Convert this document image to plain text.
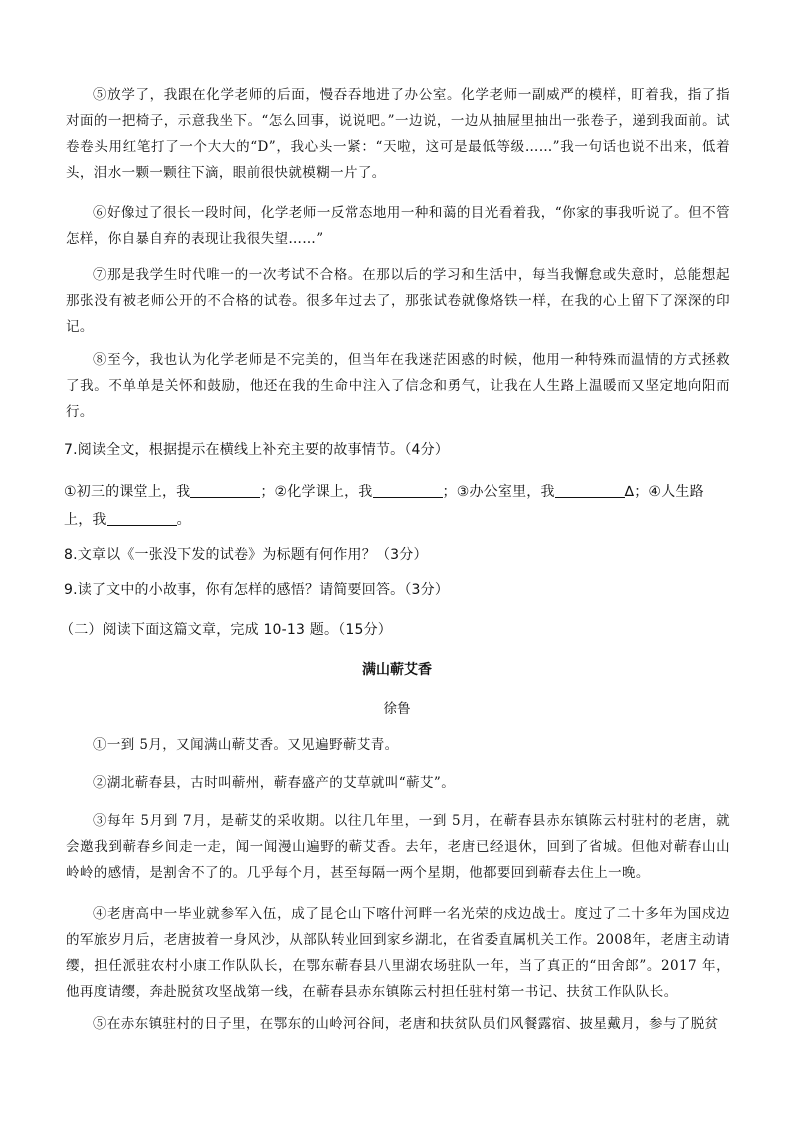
⑤放学了，我跟在化学老师的后面，慢吞吞地进了办公室。化学老师一副威严的模样，盯着我，指了指对面的一把椅子，示意我坐下。“怎么回事，说说吧。”一边说，一边从抽屉里抽出一张卷子，递到我面前。试卷卷头用红笔打了一个大大的“D”，我心头一紧：“天啦，这可是最低等级……”我一句话也说不出来，低着头，泪水一颗一颗往下滴，眼前很快就模糊一片了。

⑥好像过了很长一段时间，化学老师一反常态地用一种和蔼的目光看着我，“你家的事我听说了。但不管怎样，你自暴自弃的表现让我很失望……”

⑦那是我学生时代唯一的一次考试不合格。在那以后的学习和生活中，每当我懈怠或失意时，总能想起那张没有被老师公开的不合格的试卷。很多年过去了，那张试卷就像烙铁一样，在我的心上留下了深深的印记。

⑧至今，我也认为化学老师是不完美的，但当年在我迷茫困惑的时候，他用一种特殊而温情的方式拯救了我。不单单是关怀和鼓励，他还在我的生命中注入了信念和勇气，让我在人生路上温暖而又坚定地向阳而行。

7.阅读全文，根据提示在横线上补充主要的故事情节。（4分）
①初三的课堂上，我	；②化学课上，我	；③办公室里，我	∆；④人生路
上，我	。
8.文章以《一张没下发的试卷》为标题有何作用？（3分）
9.读了文中的小故事，你有怎样的感悟？请简要回答。（3分）
（二）阅读下面这篇文章，完成 10-13 题。（15分）
满山蕲艾香
徐鲁

①一到 5月，又闻满山蕲艾香。又见遍野蕲艾青。

②湖北蕲春县，古时叫蕲州，蕲春盛产的艾草就叫“蕲艾”。

③每年 5月到 7月，是蕲艾的采收期。以往几年里，一到 5月，在蕲春县赤东镇陈云村驻村的老唐，就会邀我到蕲春乡间走一走，闻一闻漫山遍野的蕲艾香。去年，老唐已经退休，回到了省城。但他对蕲春山山岭岭的感情，是割舍不了的。几乎每个月，甚至每隔一两个星期，他都要回到蕲春去住上一晚。

④老唐高中一毕业就参军入伍，成了昆仑山下喀什河畔一名光荣的戍边战士。度过了二十多年为国戍边的军旅岁月后，老唐披着一身风沙，从部队转业回到家乡湖北，在省委直属机关工作。2008年，老唐主动请缨，担任派驻农村小康工作队队长，在鄂东蕲春县八里湖农场驻队一年，当了真正的“田舍郎”。2017 年，他再度请缨，奔赴脱贫攻坚战第一线，在蕲春县赤东镇陈云村担任驻村第一书记、扶贫工作队队长。

⑤在赤东镇驻村的日子里，在鄂东的山岭河谷间，老唐和扶贫队员们风餐露宿、披星戴月，参与了脱贫
